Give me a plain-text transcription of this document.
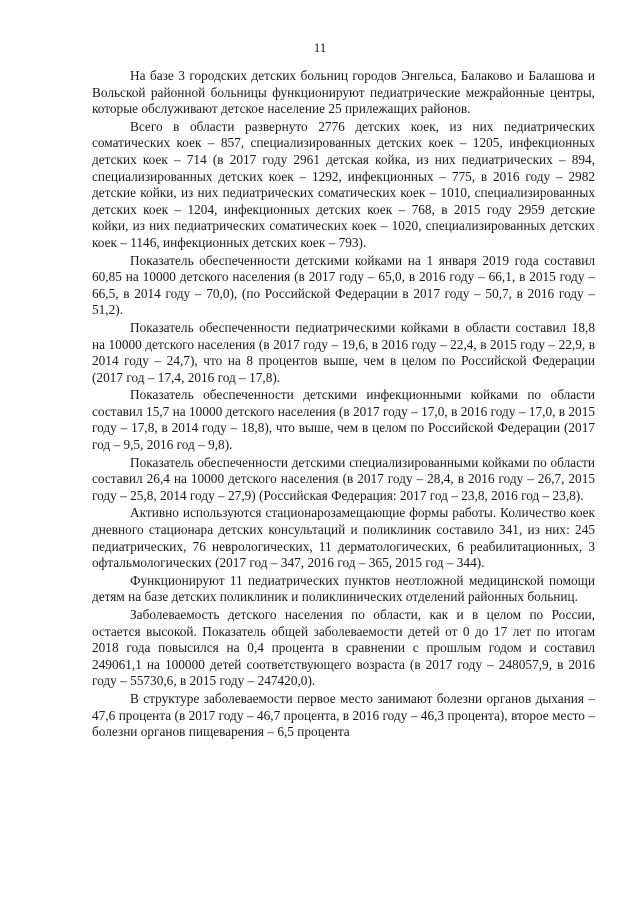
11

На базе 3 городских детских больниц городов Энгельса, Балаково и Балашова и Вольской районной больницы функционируют педиатрические межрайонные центры, которые обслуживают детское население 25 прилежащих районов.

Всего в области развернуто 2776 детских коек, из них педиатрических соматических коек – 857, специализированных детских коек – 1205, инфекционных детских коек – 714 (в 2017 году 2961 детская койка, из них педиатрических – 894, специализированных детских коек – 1292, инфекционных – 775, в 2016 году – 2982 детские койки, из них педиатрических соматических коек – 1010, специализированных детских коек – 1204, инфекционных детских коек – 768, в 2015 году 2959 детские койки, из них педиатрических соматических коек – 1020, специализированных детских коек – 1146, инфекционных детских коек – 793).

Показатель обеспеченности детскими койками на 1 января 2019 года составил 60,85 на 10000 детского населения (в 2017 году – 65,0, в 2016 году – 66,1, в 2015 году – 66,5, в 2014 году – 70,0), (по Российской Федерации в 2017 году – 50,7, в 2016 году – 51,2).

Показатель обеспеченности педиатрическими койками в области составил 18,8 на 10000 детского населения (в 2017 году – 19,6, в 2016 году – 22,4, в 2015 году – 22,9, в 2014 году – 24,7), что на 8 процентов выше, чем в целом по Российской Федерации (2017 год – 17,4, 2016 год – 17,8).

Показатель обеспеченности детскими инфекционными койками по области составил 15,7 на 10000 детского населения (в 2017 году – 17,0, в 2016 году – 17,0, в 2015 году – 17,8, в 2014 году – 18,8), что выше, чем в целом по Российской Федерации (2017 год – 9,5, 2016 год – 9,8).

Показатель обеспеченности детскими специализированными койками по области составил 26,4 на 10000 детского населения (в 2017 году – 28,4, в 2016 году – 26,7, 2015 году – 25,8, 2014 году – 27,9) (Российская Федерация: 2017 год – 23,8, 2016 год – 23,8).

Активно используются стационарозамещающие формы работы. Количество коек дневного стационара детских консультаций и поликлиник составило 341, из них: 245 педиатрических, 76 неврологических, 11 дерматологических, 6 реабилитационных, 3 офтальмологических (2017 год – 347, 2016 год – 365, 2015 год – 344).

Функционируют 11 педиатрических пунктов неотложной медицинской помощи детям на базе детских поликлиник и поликлинических отделений районных больниц.

Заболеваемость детского населения по области, как и в целом по России, остается высокой. Показатель общей заболеваемости детей от 0 до 17 лет по итогам 2018 года повысился на 0,4 процента в сравнении с прошлым годом и составил 249061,1 на 100000 детей соответствующего возраста (в 2017 году – 248057,9, в 2016 году – 55730,6, в 2015 году – 247420,0).

В структуре заболеваемости первое место занимают болезни органов дыхания – 47,6 процента (в 2017 году – 46,7 процента, в 2016 году – 46,3 процента), второе место – болезни органов пищеварения – 6,5 процента
